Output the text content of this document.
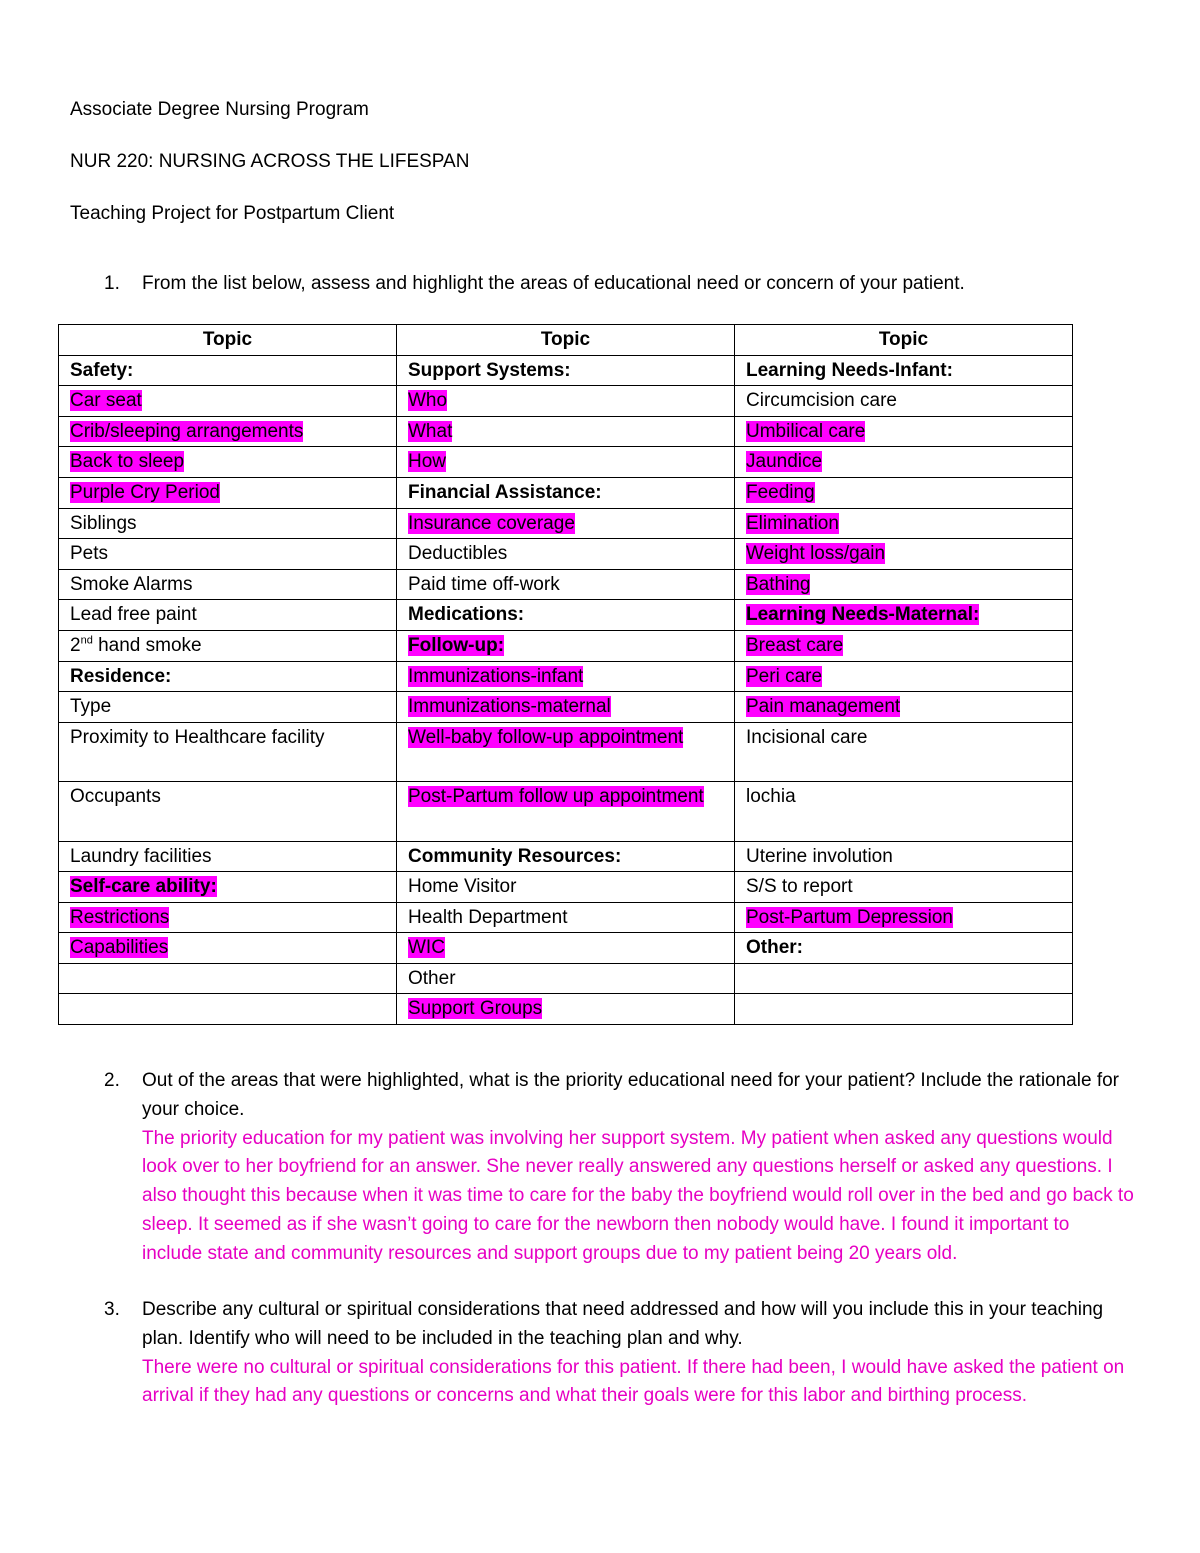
Associate Degree Nursing Program
NUR 220: NURSING ACROSS THE LIFESPAN
Teaching Project for Postpartum Client
1. From the list below, assess and highlight the areas of educational need or concern of your patient.
Topic	Topic	Topic
Safety:	Support Systems:	Learning Needs-Infant:
Car seat	Who	Circumcision care
Crib/sleeping arrangements	What	Umbilical care
Back to sleep	How	Jaundice
Purple Cry Period	Financial Assistance:	Feeding
Siblings	Insurance coverage	Elimination
Pets	Deductibles	Weight loss/gain
Smoke Alarms	Paid time off-work	Bathing
Lead free paint	Medications:	Learning Needs-Maternal:
2nd hand smoke	Follow-up:	Breast care
Residence:	Immunizations-infant	Peri care
Type	Immunizations-maternal	Pain management
Proximity to Healthcare facility	Well-baby follow-up appointment	Incisional care
Occupants	Post-Partum follow up appointment	lochia
Laundry facilities	Community Resources:	Uterine involution
Self-care ability:	Home Visitor	S/S to report
Restrictions	Health Department	Post-Partum Depression
Capabilities	WIC	Other:
	Other	
	Support Groups	
2. Out of the areas that were highlighted, what is the priority educational need for your patient? Include the rationale for your choice.
The priority education for my patient was involving her support system. My patient when asked any questions would look over to her boyfriend for an answer. She never really answered any questions herself or asked any questions. I also thought this because when it was time to care for the baby the boyfriend would roll over in the bed and go back to sleep. It seemed as if she wasn’t going to care for the newborn then nobody would have. I found it important to include state and community resources and support groups due to my patient being 20 years old.
3. Describe any cultural or spiritual considerations that need addressed and how will you include this in your teaching plan. Identify who will need to be included in the teaching plan and why.
There were no cultural or spiritual considerations for this patient. If there had been, I would have asked the patient on arrival if they had any questions or concerns and what their goals were for this labor and birthing process.
